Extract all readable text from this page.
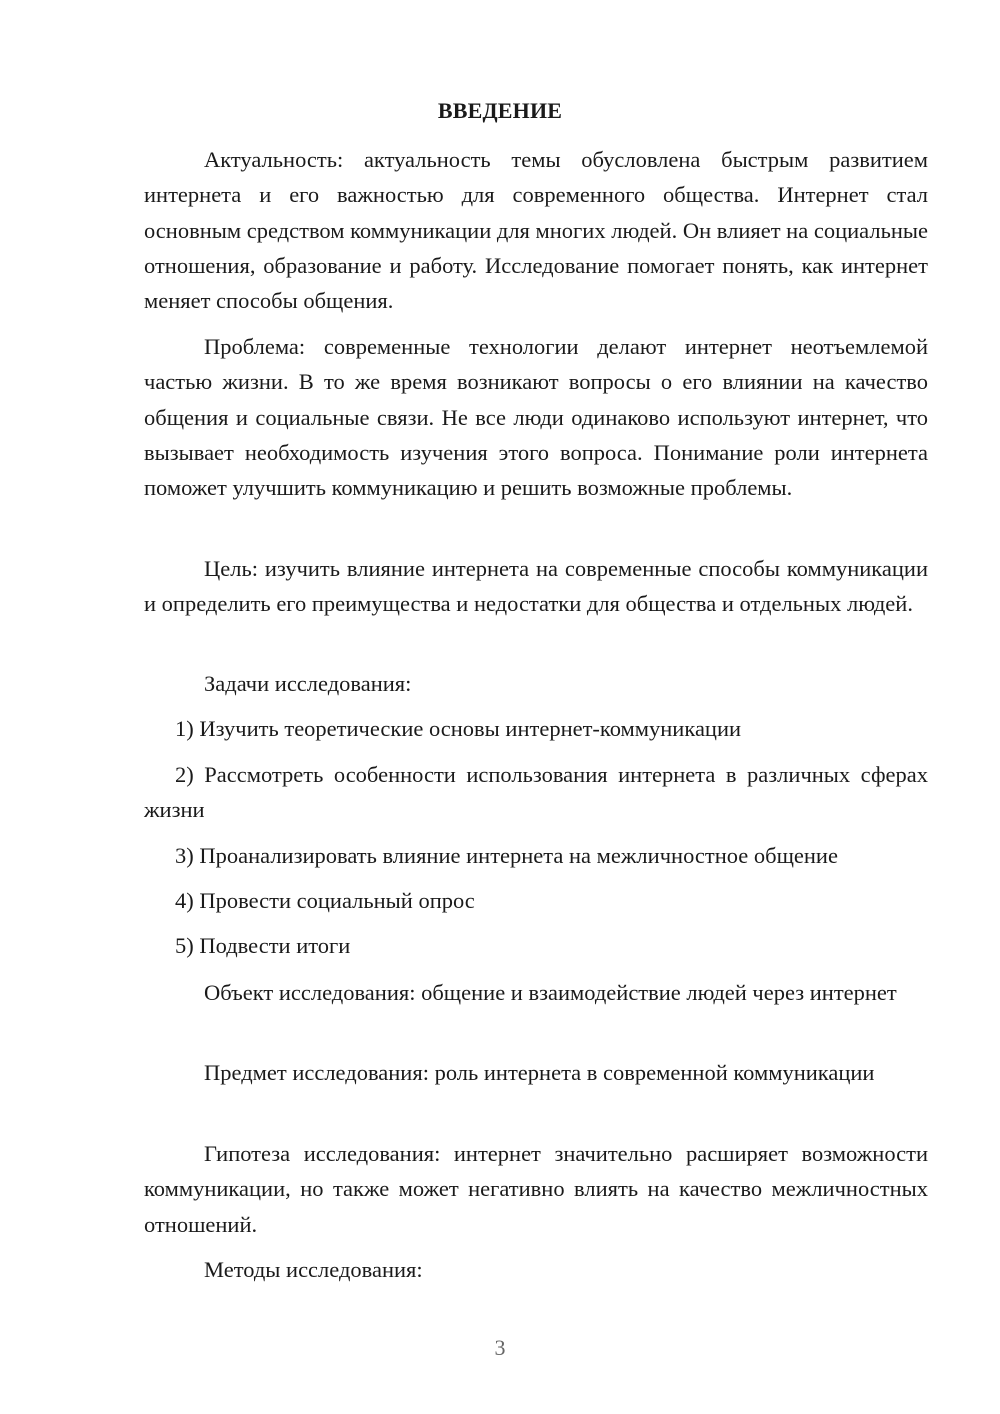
ВВЕДЕНИЕ

Актуальность: актуальность темы обусловлена быстрым развитием интернета и его важностью для современного общества. Интернет стал основным средством коммуникации для многих людей. Он влияет на социальные отношения, образование и работу. Исследование помогает понять, как интернет меняет способы общения.

Проблема: современные технологии делают интернет неотъемлемой частью жизни. В то же время возникают вопросы о его влиянии на качество общения и социальные связи. Не все люди одинаково используют интернет, что вызывает необходимость изучения этого вопроса. Понимание роли интернета поможет улучшить коммуникацию и решить возможные проблемы.

Цель: изучить влияние интернета на современные способы коммуникации и определить его преимущества и недостатки для общества и отдельных людей.

Задачи исследования:

1) Изучить теоретические основы интернет-коммуникации

2) Рассмотреть особенности использования интернета в различных сферах жизни

3) Проанализировать влияние интернета на межличностное общение

4) Провести социальный опрос

5) Подвести итоги

Объект исследования: общение и взаимодействие людей через интернет

Предмет исследования: роль интернета в современной коммуникации

Гипотеза исследования: интернет значительно расширяет возможности коммуникации, но также может негативно влиять на качество межличностных отношений.

Методы исследования:

3
